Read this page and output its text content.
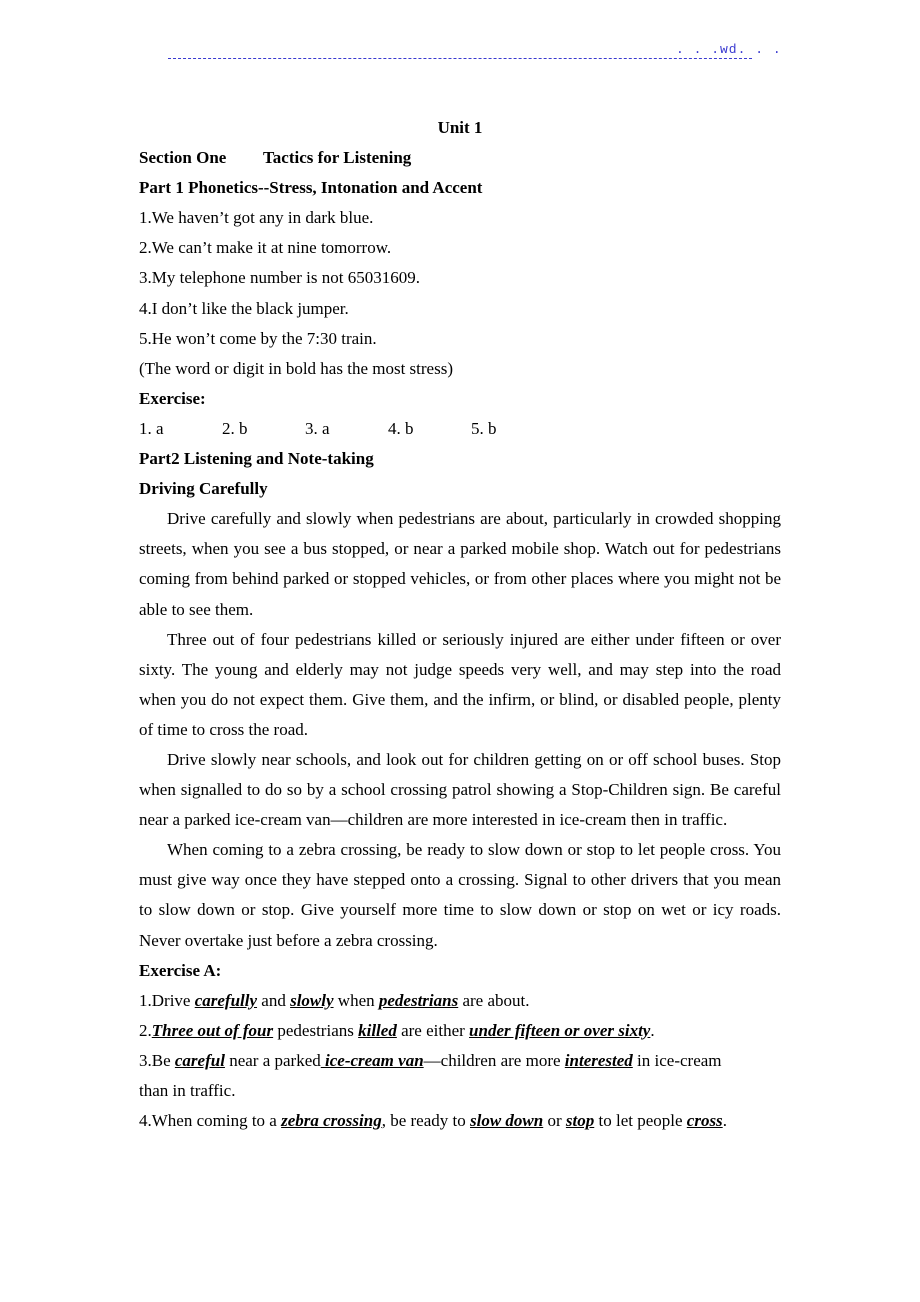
. . .wd. . .
Unit 1
Section One Tactics for Listening
Part 1 Phonetics--Stress, Intonation and Accent
1.We haven’t got any in dark blue.
2.We can’t make it at nine tomorrow.
3.My telephone number is not 65031609.
4.I don’t like the black jumper.
5.He won’t come by the 7:30 train.
(The word or digit in bold has the most stress)
Exercise:
1. a	2. b	3. a	4. b	5. b
Part2 Listening and Note-taking
Driving Carefully
Drive carefully and slowly when pedestrians are about, particularly in crowded shopping streets, when you see a bus stopped, or near a parked mobile shop. Watch out for pedestrians coming from behind parked or stopped vehicles, or from other places where you might not be able to see them.
Three out of four pedestrians killed or seriously injured are either under fifteen or over sixty. The young and elderly may not judge speeds very well, and may step into the road when you do not expect them. Give them, and the infirm, or blind, or disabled people, plenty of time to cross the road.
Drive slowly near schools, and look out for children getting on or off school buses. Stop when signalled to do so by a school crossing patrol showing a Stop-Children sign. Be careful near a parked ice-cream van—children are more interested in ice-cream then in traffic.
When coming to a zebra crossing, be ready to slow down or stop to let people cross. You must give way once they have stepped onto a crossing. Signal to other drivers that you mean to slow down or stop. Give yourself more time to slow down or stop on wet or icy roads. Never overtake just before a zebra crossing.
Exercise A:
1.Drive carefully and slowly when pedestrians are about.
2.Three out of four pedestrians killed are either under fifteen or over sixty.
3.Be careful near a parked ice-cream van—children are more interested in ice-cream
than in traffic.
4.When coming to a zebra crossing, be ready to slow down or stop to let people cross.
